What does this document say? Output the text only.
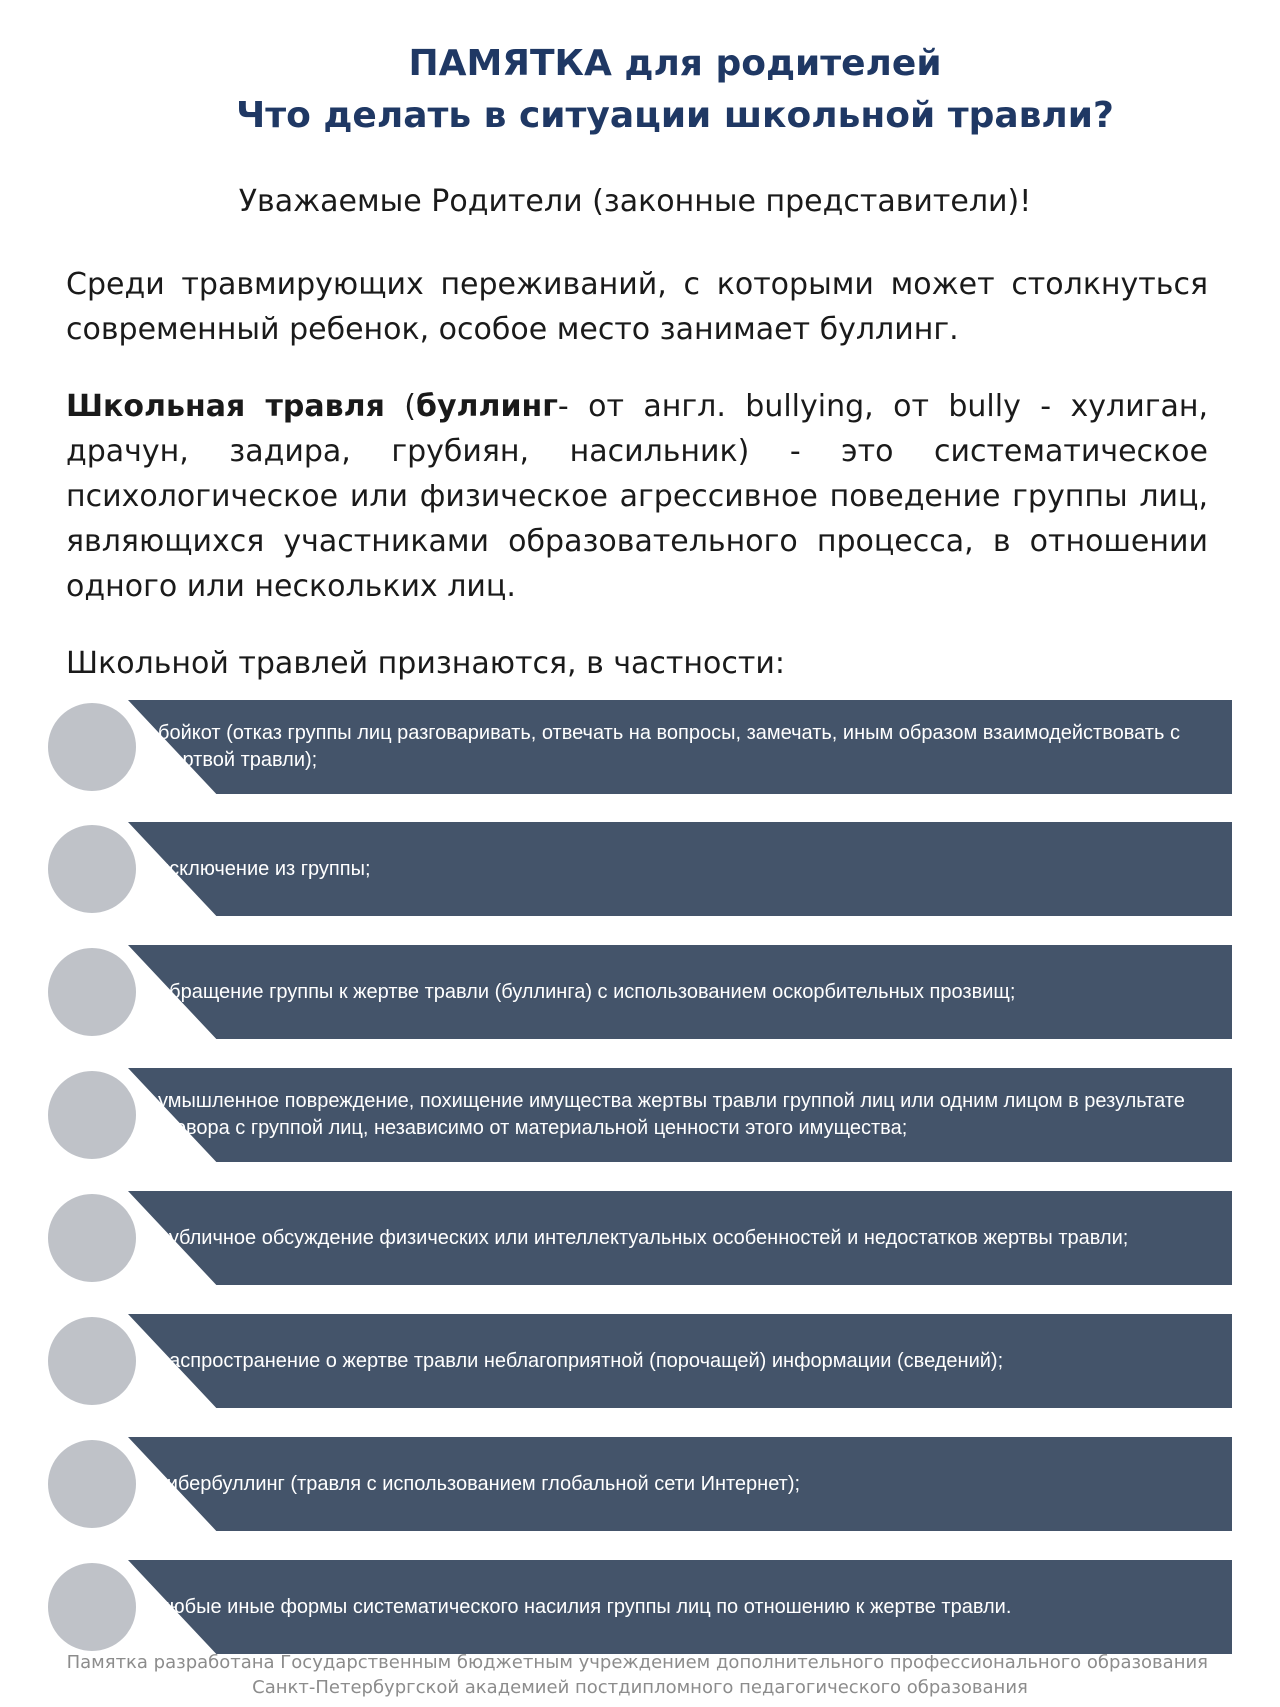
ПАМЯТКА для родителей
Что делать в ситуации школьной травли?
Уважаемые Родители (законные представители)!
Среди травмирующих переживаний, с которыми может столкнуться современный ребенок, особое место занимает буллинг.
Школьная травля (буллинг- от англ. bullying, от bully - хулиган, драчун, задира, грубиян, насильник) - это систематическое психологическое или физическое агрессивное поведение группы лиц, являющихся участниками образовательного процесса, в отношении одного или нескольких лиц.
Школьной травлей признаются, в частности:
бойкот (отказ группы лиц разговаривать, отвечать на вопросы, замечать, иным образом взаимодействовать с жертвой травли);
исключение из группы;
обращение группы к жертве травли (буллинга) с использованием оскорбительных прозвищ;
умышленное повреждение, похищение имущества жертвы травли группой лиц или одним лицом в результате сговора с группой лиц, независимо от материальной ценности этого имущества;
публичное обсуждение физических или интеллектуальных особенностей и недостатков жертвы травли;
распространение о жертве травли неблагоприятной (порочащей) информации (сведений);
кибербуллинг (травля с использованием глобальной сети Интернет);
любые иные формы систематического насилия группы лиц по отношению к жертве травли.
Памятка разработана Государственным бюджетным учреждением дополнительного профессионального образования
Санкт-Петербургской академией постдипломного педагогического образования
